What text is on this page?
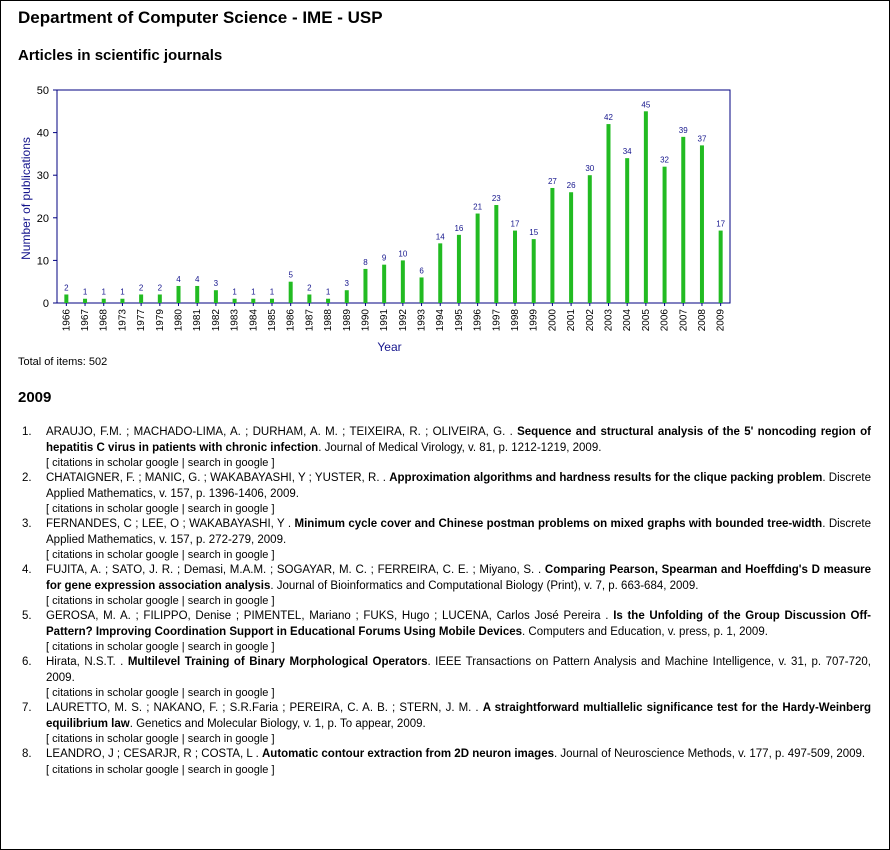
Department of Computer Science - IME - USP
Articles in scientific journals
0
10
20
30
40
50
2
1966
1
1967
1
1968
1
1973
2
1977
2
1979
4
1980
4
1981
3
1982
1
1983
1
1984
1
1985
5
1986
2
1987
1
1988
3
1989
8
1990
9
1991
10
1992
6
1993
14
1994
16
1995
21
1996
23
1997
17
1998
15
1999
27
2000
26
2001
30
2002
42
2003
34
2004
45
2005
32
2006
39
2007
37
2008
17
2009
Year
Number of publications
Total of items: 502
2009
1. ARAUJO, F.M. ; MACHADO-LIMA, A. ; DURHAM, A. M. ; TEIXEIRA, R. ; OLIVEIRA, G. . Sequence and structural analysis of the 5' noncoding region of hepatitis C virus in patients with chronic infection. Journal of Medical Virology, v. 81, p. 1212-1219, 2009.
[ citations in scholar google | search in google ]
2. CHATAIGNER, F. ; MANIC, G. ; WAKABAYASHI, Y ; YUSTER, R. . Approximation algorithms and hardness results for the clique packing problem. Discrete Applied Mathematics, v. 157, p. 1396-1406, 2009.
[ citations in scholar google | search in google ]
3. FERNANDES, C ; LEE, O ; WAKABAYASHI, Y . Minimum cycle cover and Chinese postman problems on mixed graphs with bounded tree-width. Discrete Applied Mathematics, v. 157, p. 272-279, 2009.
[ citations in scholar google | search in google ]
4. FUJITA, A. ; SATO, J. R. ; Demasi, M.A.M. ; SOGAYAR, M. C. ; FERREIRA, C. E. ; Miyano, S. . Comparing Pearson, Spearman and Hoeffding's D measure for gene expression association analysis. Journal of Bioinformatics and Computational Biology (Print), v. 7, p. 663-684, 2009.
[ citations in scholar google | search in google ]
5. GEROSA, M. A. ; FILIPPO, Denise ; PIMENTEL, Mariano ; FUKS, Hugo ; LUCENA, Carlos José Pereira . Is the Unfolding of the Group Discussion Off-Pattern? Improving Coordination Support in Educational Forums Using Mobile Devices. Computers and Education, v. press, p. 1, 2009.
[ citations in scholar google | search in google ]
6. Hirata, N.S.T. . Multilevel Training of Binary Morphological Operators. IEEE Transactions on Pattern Analysis and Machine Intelligence, v. 31, p. 707-720, 2009.
[ citations in scholar google | search in google ]
7. LAURETTO, M. S. ; NAKANO, F. ; S.R.Faria ; PEREIRA, C. A. B. ; STERN, J. M. . A straightforward multiallelic significance test for the Hardy-Weinberg equilibrium law. Genetics and Molecular Biology, v. 1, p. To appear, 2009.
[ citations in scholar google | search in google ]
8. LEANDRO, J ; CESARJR, R ; COSTA, L . Automatic contour extraction from 2D neuron images. Journal of Neuroscience Methods, v. 177, p. 497-509, 2009.
[ citations in scholar google | search in google ]
